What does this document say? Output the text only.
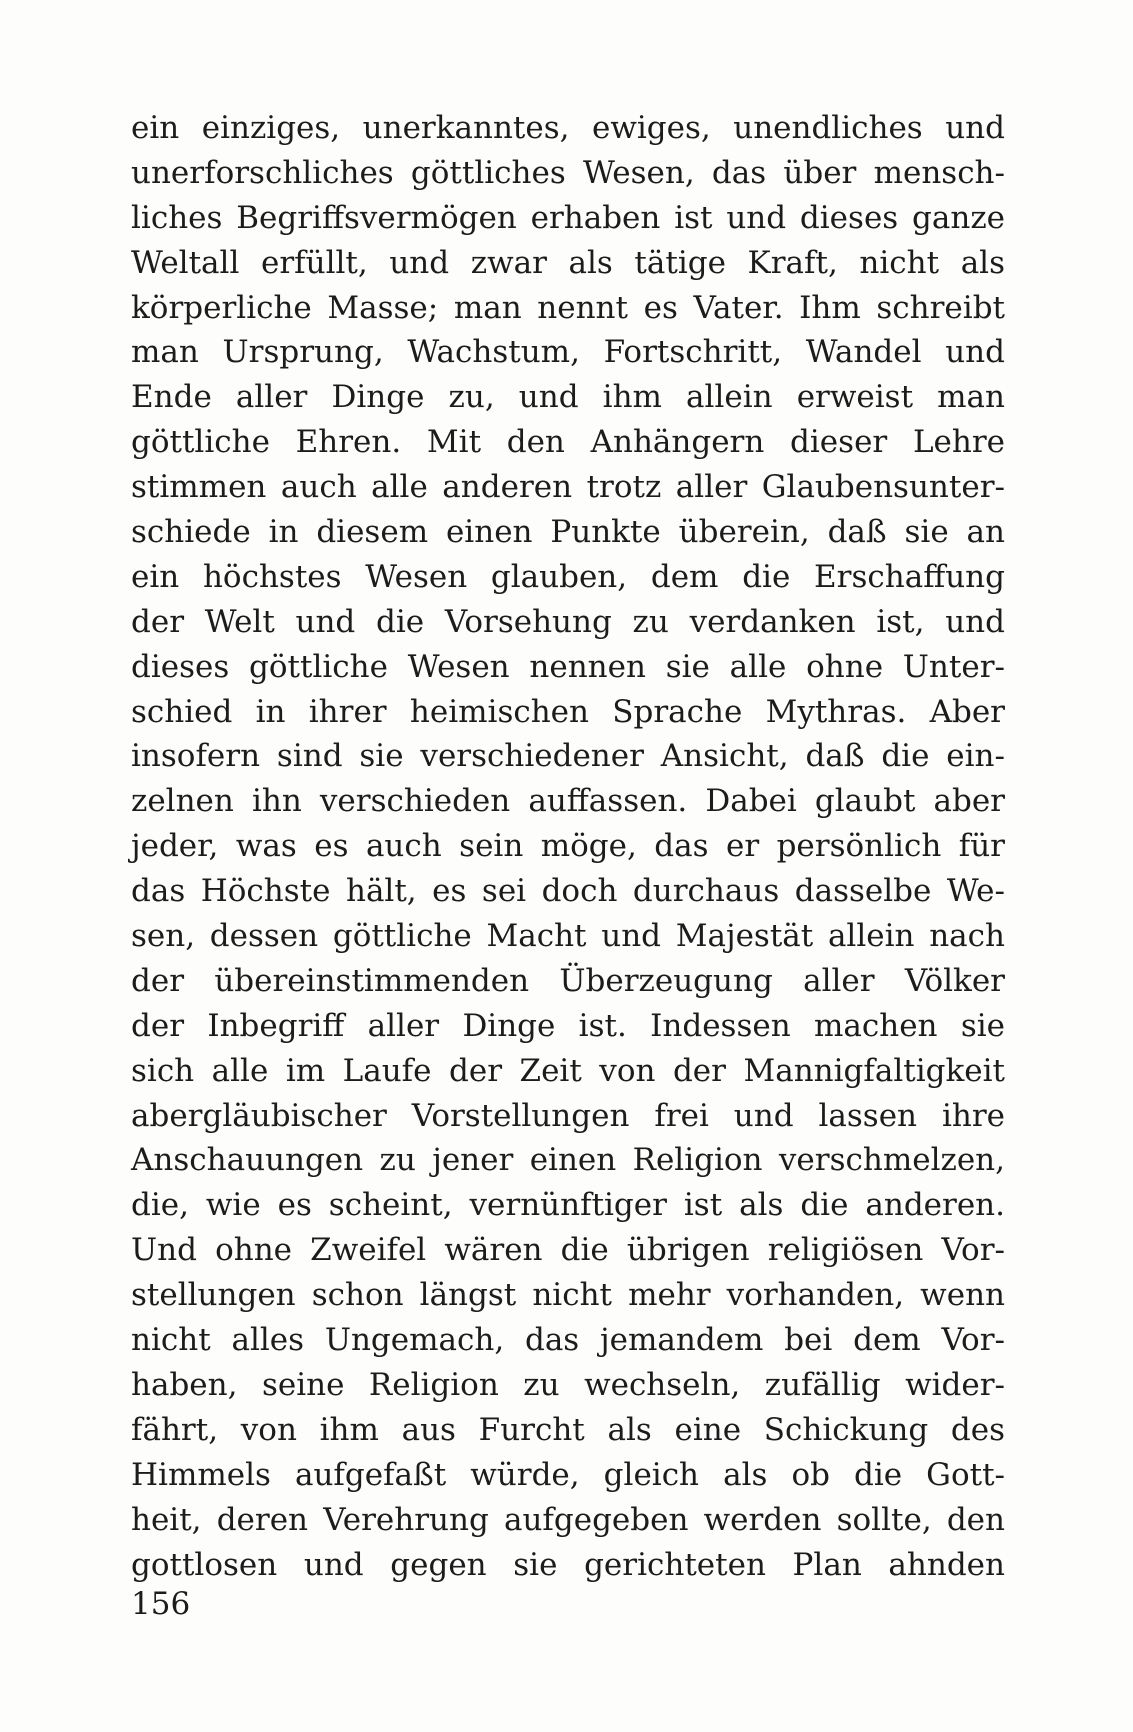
ein einziges, unerkanntes, ewiges, unendliches und
unerforschliches göttliches Wesen, das über mensch-
liches Begriffsvermögen erhaben ist und dieses ganze
Weltall erfüllt, und zwar als tätige Kraft, nicht als
körperliche Masse; man nennt es Vater. Ihm schreibt
man Ursprung, Wachstum, Fortschritt, Wandel und
Ende aller Dinge zu, und ihm allein erweist man
göttliche Ehren. Mit den Anhängern dieser Lehre
stimmen auch alle anderen trotz aller Glaubensunter-
schiede in diesem einen Punkte überein, daß sie an
ein höchstes Wesen glauben, dem die Erschaffung
der Welt und die Vorsehung zu verdanken ist, und
dieses göttliche Wesen nennen sie alle ohne Unter-
schied in ihrer heimischen Sprache Mythras. Aber
insofern sind sie verschiedener Ansicht, daß die ein-
zelnen ihn verschieden auffassen. Dabei glaubt aber
jeder, was es auch sein möge, das er persönlich für
das Höchste hält, es sei doch durchaus dasselbe We-
sen, dessen göttliche Macht und Majestät allein nach
der übereinstimmenden Überzeugung aller Völker
der Inbegriff aller Dinge ist. Indessen machen sie
sich alle im Laufe der Zeit von der Mannigfaltigkeit
abergläubischer Vorstellungen frei und lassen ihre
Anschauungen zu jener einen Religion verschmelzen,
die, wie es scheint, vernünftiger ist als die anderen.
Und ohne Zweifel wären die übrigen religiösen Vor-
stellungen schon längst nicht mehr vorhanden, wenn
nicht alles Ungemach, das jemandem bei dem Vor-
haben, seine Religion zu wechseln, zufällig wider-
fährt, von ihm aus Furcht als eine Schickung des
Himmels aufgefaßt würde, gleich als ob die Gott-
heit, deren Verehrung aufgegeben werden sollte, den
gottlosen und gegen sie gerichteten Plan ahnden
156
